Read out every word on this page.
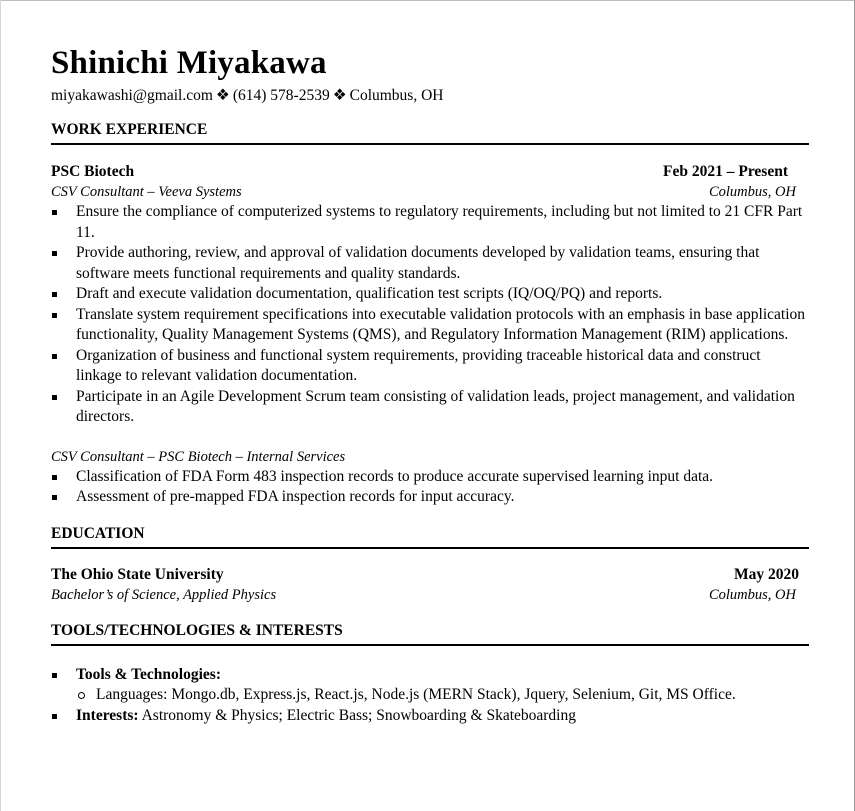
Shinichi Miyakawa
miyakawashi@gmail.com ❖ (614) 578-2539 ❖ Columbus, OH
WORK EXPERIENCE
PSC Biotech	Feb 2021 – Present
CSV Consultant – Veeva Systems	Columbus, OH
Ensure the compliance of computerized systems to regulatory requirements, including but not limited to 21 CFR Part 11.
Provide authoring, review, and approval of validation documents developed by validation teams, ensuring that software meets functional requirements and quality standards.
Draft and execute validation documentation, qualification test scripts (IQ/OQ/PQ) and reports.
Translate system requirement specifications into executable validation protocols with an emphasis in base application functionality, Quality Management Systems (QMS), and Regulatory Information Management (RIM) applications.
Organization of business and functional system requirements, providing traceable historical data and construct linkage to relevant validation documentation.
Participate in an Agile Development Scrum team consisting of validation leads, project management, and validation directors.
CSV Consultant – PSC Biotech – Internal Services
Classification of FDA Form 483 inspection records to produce accurate supervised learning input data.
Assessment of pre-mapped FDA inspection records for input accuracy.
EDUCATION
The Ohio State University	May 2020
Bachelor’s of Science, Applied Physics	Columbus, OH
TOOLS/TECHNOLOGIES & INTERESTS
Tools & Technologies:
Languages: Mongo.db, Express.js, React.js, Node.js (MERN Stack), Jquery, Selenium, Git, MS Office.
Interests: Astronomy & Physics; Electric Bass; Snowboarding & Skateboarding
